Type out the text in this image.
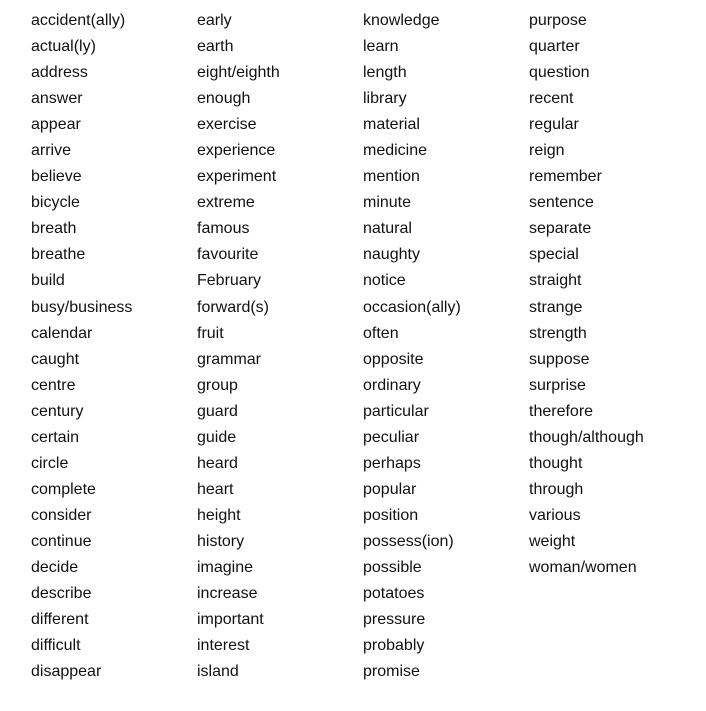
accident(ally)
actual(ly)
address
answer
appear
arrive
believe
bicycle
breath
breathe
build
busy/business
calendar
caught
centre
century
certain
circle
complete
consider
continue
decide
describe
different
difficult
disappear
early
earth
eight/eighth
enough
exercise
experience
experiment
extreme
famous
favourite
February
forward(s)
fruit
grammar
group
guard
guide
heard
heart
height
history
imagine
increase
important
interest
island
knowledge
learn
length
library
material
medicine
mention
minute
natural
naughty
notice
occasion(ally)
often
opposite
ordinary
particular
peculiar
perhaps
popular
position
possess(ion)
possible
potatoes
pressure
probably
promise
purpose
quarter
question
recent
regular
reign
remember
sentence
separate
special
straight
strange
strength
suppose
surprise
therefore
though/although
thought
through
various
weight
woman/women
